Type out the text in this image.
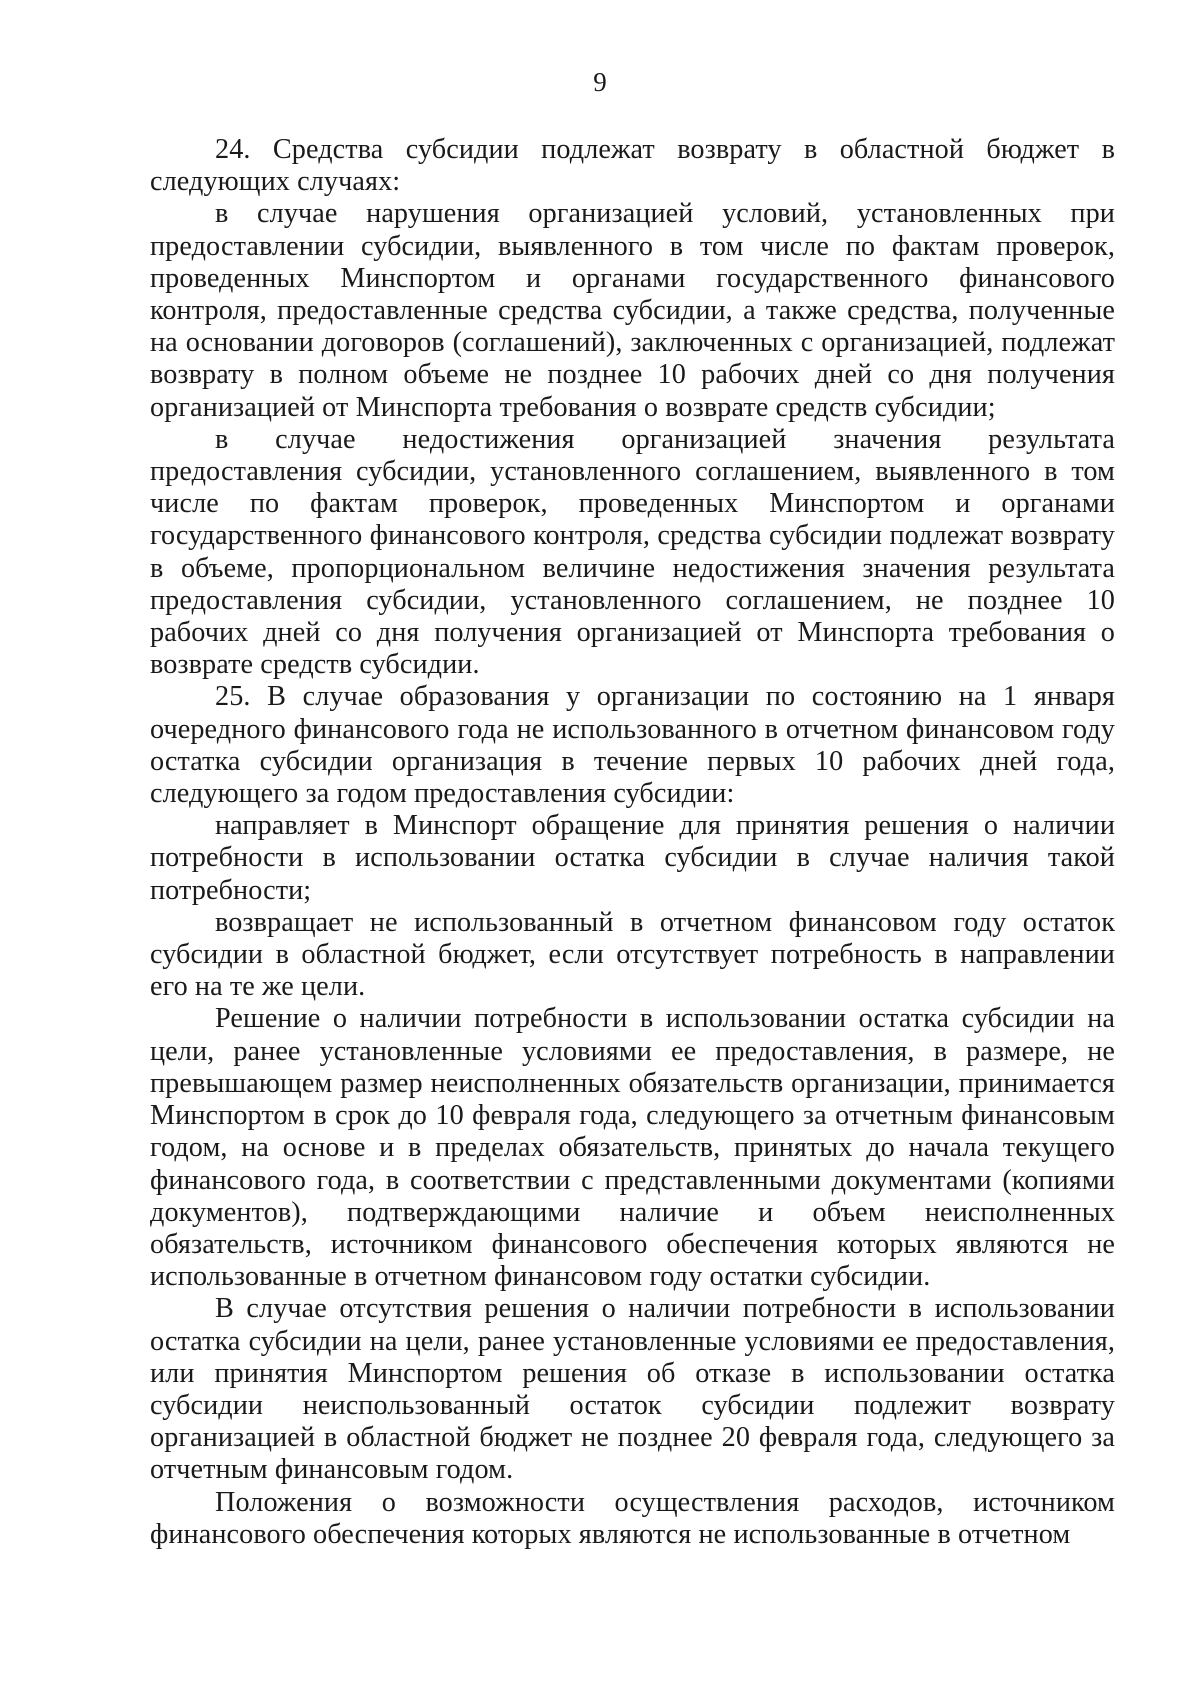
9

24. Средства субсидии подлежат возврату в областной бюджет в следующих случаях:

в случае нарушения организацией условий, установленных при предоставлении субсидии, выявленного в том числе по фактам проверок, проведенных Минспортом и органами государственного финансового контроля, предоставленные средства субсидии, а также средства, полученные на основании договоров (соглашений), заключенных с организацией, подлежат возврату в полном объеме не позднее 10 рабочих дней со дня получения организацией от Минспорта требования о возврате средств субсидии;

в случае недостижения организацией значения результата предоставления субсидии, установленного соглашением, выявленного в том числе по фактам проверок, проведенных Минспортом и органами государственного финансового контроля, средства субсидии подлежат возврату в объеме, пропорциональном величине недостижения значения результата предоставления субсидии, установленного соглашением, не позднее 10 рабочих дней со дня получения организацией от Минспорта требования о возврате средств субсидии.

25. В случае образования у организации по состоянию на 1 января очередного финансового года не использованного в отчетном финансовом году остатка субсидии организация в течение первых 10 рабочих дней года, следующего за годом предоставления субсидии:

направляет в Минспорт обращение для принятия решения о наличии потребности в использовании остатка субсидии в случае наличия такой потребности;

возвращает не использованный в отчетном финансовом году остаток субсидии в областной бюджет, если отсутствует потребность в направлении его на те же цели.

Решение о наличии потребности в использовании остатка субсидии на цели, ранее установленные условиями ее предоставления, в размере, не превышающем размер неисполненных обязательств организации, принимается Минспортом в срок до 10 февраля года, следующего за отчетным финансовым годом, на основе и в пределах обязательств, принятых до начала текущего финансового года, в соответствии с представленными документами (копиями документов), подтверждающими наличие и объем неисполненных обязательств, источником финансового обеспечения которых являются не использованные в отчетном финансовом году остатки субсидии.

В случае отсутствия решения о наличии потребности в использовании остатка субсидии на цели, ранее установленные условиями ее предоставления, или принятия Минспортом решения об отказе в использовании остатка субсидии неиспользованный остаток субсидии подлежит возврату организацией в областной бюджет не позднее 20 февраля года, следующего за отчетным финансовым годом.

Положения о возможности осуществления расходов, источником финансового обеспечения которых являются не использованные в отчетном
